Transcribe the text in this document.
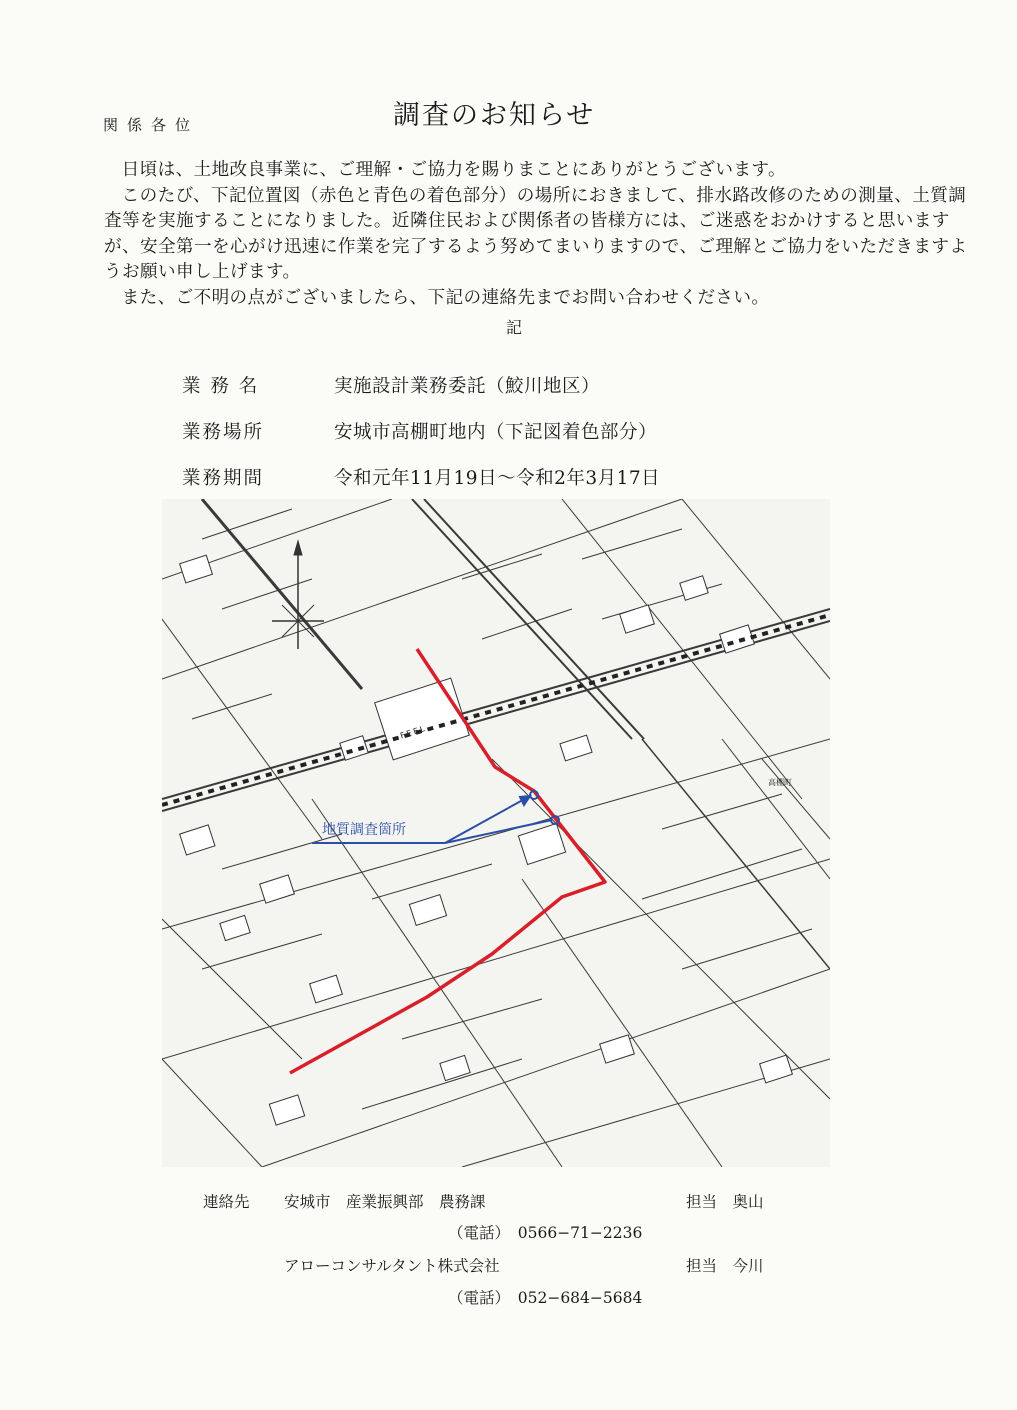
関係各位	調査のお知らせ

日頃は、土地改良事業に、ご理解・ご協力を賜りまことにありがとうございます。

このたび、下記位置図（赤色と青色の着色部分）の場所におきまして、排水路改修のための測量、土質調査等を実施することになりました。近隣住民および関係者の皆様方には、ご迷惑をおかけすると思いますが、安全第一を心がけ迅速に作業を完了するよう努めてまいりますので、ご理解とご協力をいただきますようお願い申し上げます。

また、ご不明の点がございましたら、下記の連絡先までお問い合わせください。

記
業 務 名	実施設計業務委託（鮫川地区）
業務場所	安城市高棚町地内（下記図着色部分）
業務期間	令和元年11月19日～令和2年3月17日
FEEL
高棚町
地質調査箇所
連絡先 安城市　産業振興部　農務課	担当　奥山
（電話）　0566−71−2236
アローコンサルタント株式会社	担当　今川
（電話）　052−684−5684
